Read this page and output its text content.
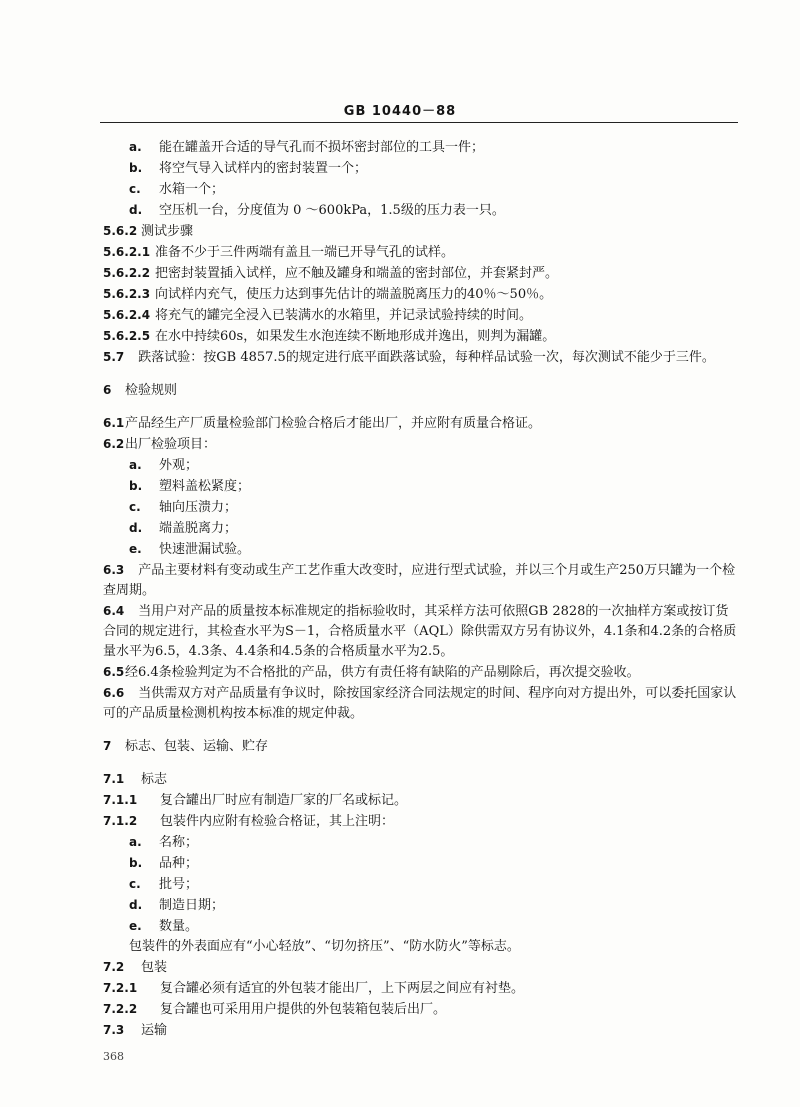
GB 10440－88
a.	能在罐盖开合适的导气孔而不损坏密封部位的工具一件；
b.	将空气导入试样内的密封装置一个；
c.	水箱一个；
d.	空压机一台，分度值为 0 ～600kPa，1.5级的压力表一只。
5.6.2 测试步骤
5.6.2.1 准备不少于三件两端有盖且一端已开导气孔的试样。
5.6.2.2 把密封装置插入试样，应不触及罐身和端盖的密封部位，并套紧封严。
5.6.2.3 向试样内充气，使压力达到事先估计的端盖脱离压力的40％～50％。
5.6.2.4 将充气的罐完全浸入已装满水的水箱里，并记录试验持续的时间。
5.6.2.5 在水中持续60s，如果发生水泡连续不断地形成并逸出，则判为漏罐。
5.7 跌落试验：按GB 4857.5的规定进行底平面跌落试验，每种样品试验一次，每次测试不能少于三件。
6	检验规则
6.1 产品经生产厂质量检验部门检验合格后才能出厂，并应附有质量合格证。
6.2 出厂检验项目：
a.	外观；
b.	塑料盖松紧度；
c.	轴向压溃力；
d.	端盖脱离力；
e.	快速泄漏试验。
6.3 产品主要材料有变动或生产工艺作重大改变时，应进行型式试验，并以三个月或生产250万只罐为一个检查周期。
6.4 当用户对产品的质量按本标准规定的指标验收时，其采样方法可依照GB 2828的一次抽样方案或按订货合同的规定进行，其检查水平为S－1，合格质量水平（AQL）除供需双方另有协议外，4.1条和4.2条的合格质量水平为6.5，4.3条、4.4条和4.5条的合格质量水平为2.5。
6.5 经6.4条检验判定为不合格批的产品，供方有责任将有缺陷的产品剔除后，再次提交验收。
6.6 当供需双方对产品质量有争议时，除按国家经济合同法规定的时间、程序向对方提出外，可以委托国家认可的产品质量检测机构按本标准的规定仲裁。
7	标志、包装、运输、贮存
7.1	标志
7.1.1	复合罐出厂时应有制造厂家的厂名或标记。
7.1.2	包装件内应附有检验合格证，其上注明：
a.	名称；
b.	品种；
c.	批号；
d.	制造日期；
e.	数量。
包装件的外表面应有“小心轻放”、“切勿挤压”、“防水防火”等标志。
7.2	包装
7.2.1	复合罐必须有适宜的外包装才能出厂，上下两层之间应有衬垫。
7.2.2	复合罐也可采用用户提供的外包装箱包装后出厂。
7.3	运输
368
